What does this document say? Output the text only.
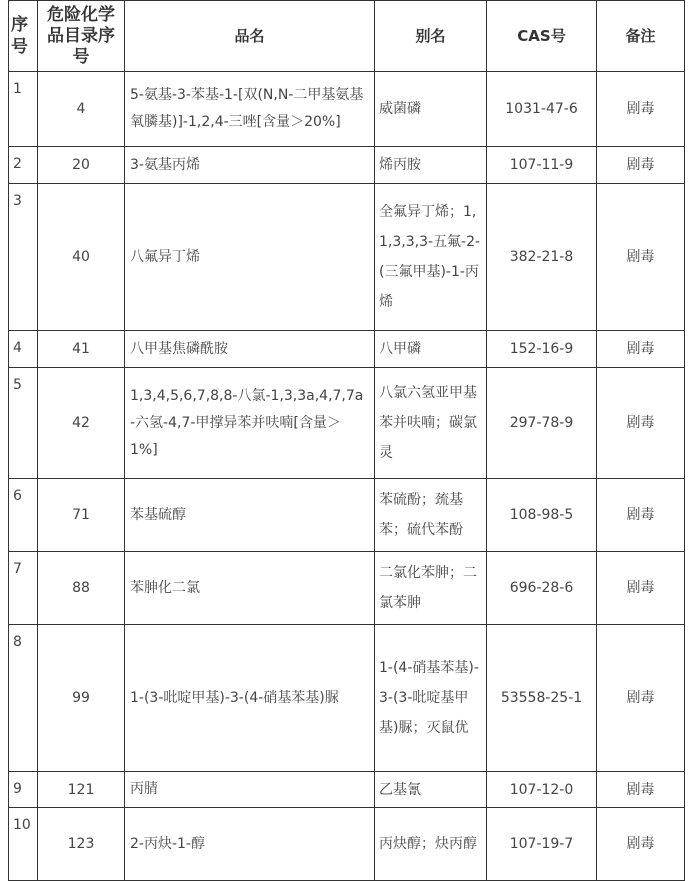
序号	危险化学品目录序号	品名	别名	CAS号	备注
1	4	5-氨基-3-苯基-1-[双(N,N-二甲基氨基氧膦基)]-1,2,4-三唑[含量＞20%]	威菌磷	1031-47-6	剧毒
2	20	3-氨基丙烯	烯丙胺	107-11-9	剧毒
3	40	八氟异丁烯	全氟异丁烯；1,1,3,3,3-五氟-2-(三氟甲基)-1-丙烯	382-21-8	剧毒
4	41	八甲基焦磷酰胺	八甲磷	152-16-9	剧毒
5	42	1,3,4,5,6,7,8,8-八氯-1,3,3a,4,7,7a-六氢-4,7-甲撑异苯并呋喃[含量＞1%]	八氯六氢亚甲基苯并呋喃；碳氯灵	297-78-9	剧毒
6	71	苯基硫醇	苯硫酚；巯基苯；硫代苯酚	108-98-5	剧毒
7	88	苯胂化二氯	二氯化苯胂；二氯苯胂	696-28-6	剧毒
8	99	1-(3-吡啶甲基)-3-(4-硝基苯基)脲	1-(4-硝基苯基)-3-(3-吡啶基甲基)脲；灭鼠优	53558-25-1	剧毒
9	121	丙腈	乙基氰	107-12-0	剧毒
10	123	2-丙炔-1-醇	丙炔醇；炔丙醇	107-19-7	剧毒
